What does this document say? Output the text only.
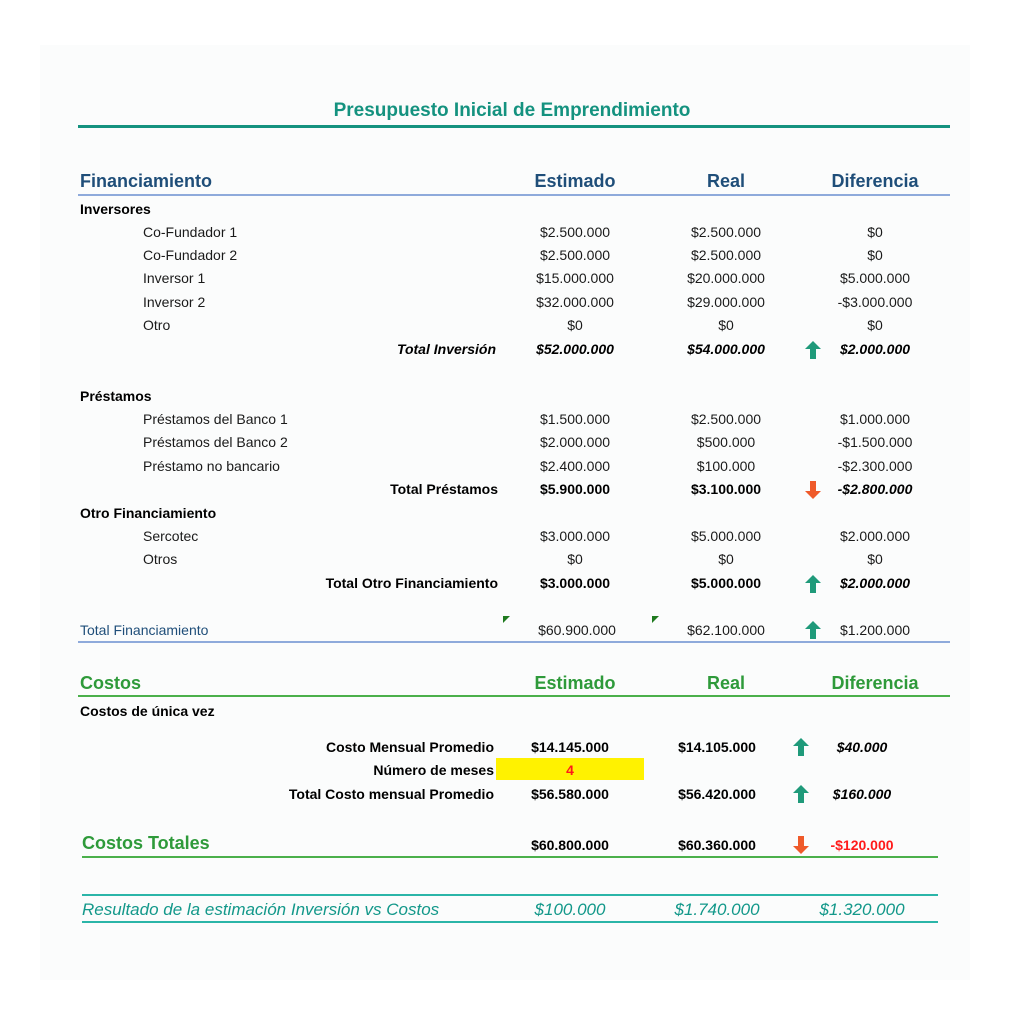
Presupuesto Inicial de Emprendimiento
Financiamiento	Estimado	Real	Diferencia
Inversores
Co-Fundador 1	$2.500.000	$2.500.000	$0
Co-Fundador 2	$2.500.000	$2.500.000	$0
Inversor 1	$15.000.000	$20.000.000	$5.000.000
Inversor 2	$32.000.000	$29.000.000	-$3.000.000
Otro	$0	$0	$0
Total Inversión	$52.000.000	$54.000.000	$2.000.000
Préstamos
Préstamos del Banco 1	$1.500.000	$2.500.000	$1.000.000
Préstamos del Banco 2	$2.000.000	$500.000	-$1.500.000
Préstamo no bancario	$2.400.000	$100.000	-$2.300.000
Total Préstamos	$5.900.000	$3.100.000	-$2.800.000
Otro Financiamiento
Sercotec	$3.000.000	$5.000.000	$2.000.000
Otros	$0	$0	$0
Total Otro Financiamiento	$3.000.000	$5.000.000	$2.000.000
Total Financiamiento	$60.900.000	$62.100.000	$1.200.000
Costos	Estimado	Real	Diferencia
Costos de única vez
Costo Mensual Promedio	$14.145.000	$14.105.000	$40.000
Número de meses	4
Total Costo mensual Promedio	$56.580.000	$56.420.000	$160.000
Costos Totales	$60.800.000	$60.360.000	-$120.000
Resultado de la estimación Inversión vs Costos	$100.000	$1.740.000	$1.320.000
